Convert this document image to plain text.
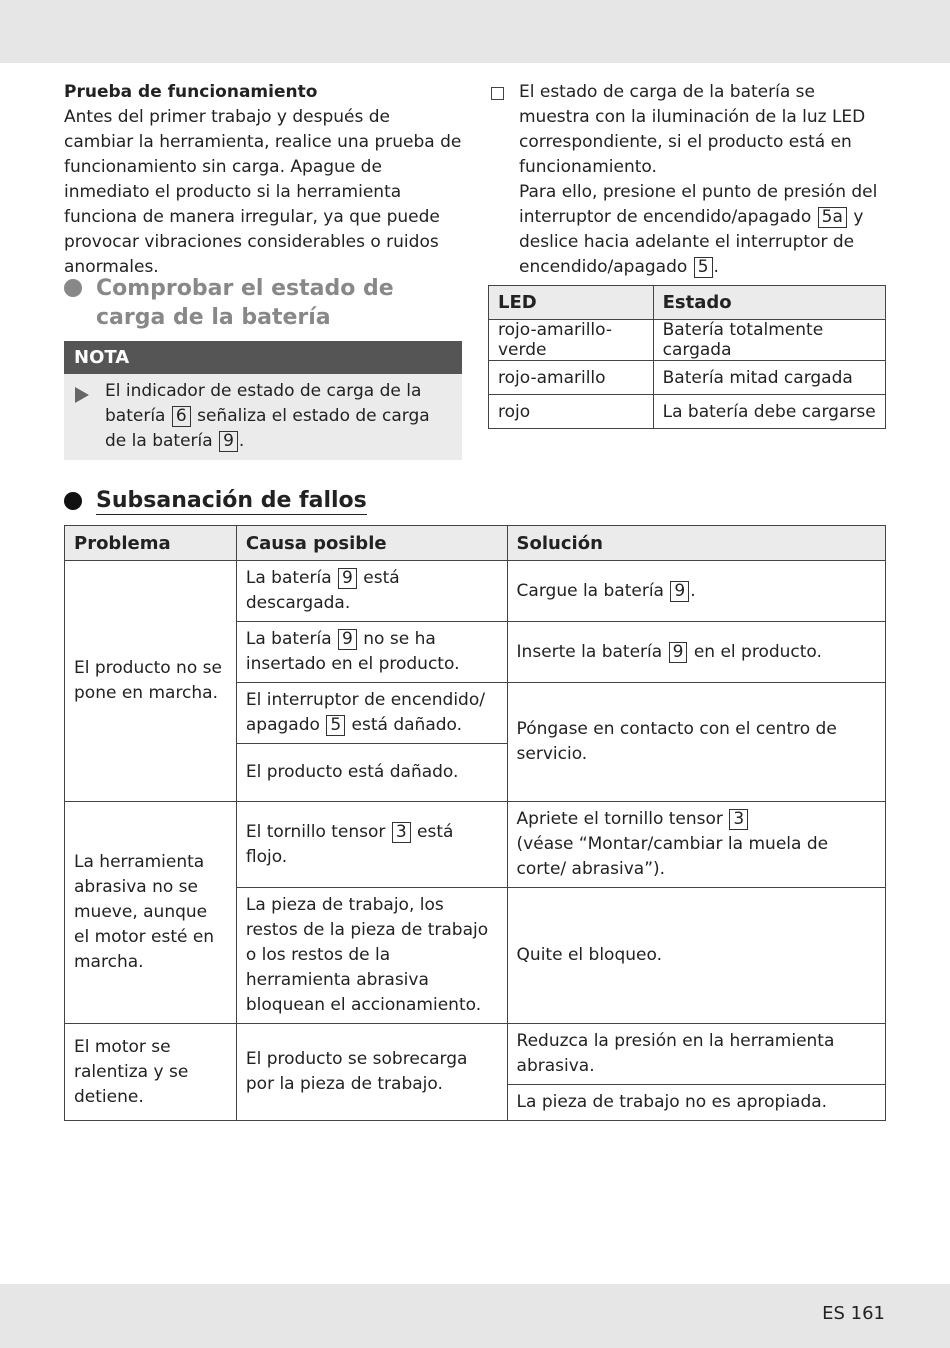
Prueba de funcionamiento

Antes del primer trabajo y después de cambiar la herramienta, realice una prueba de funcionamiento sin carga. Apague de inmediato el producto si la herramienta funciona de manera irregular, ya que puede provocar vibraciones considerables o ruidos anormales.

Comprobar el estado de carga de la batería
NOTA
El indicador de estado de carga de la batería 6 señaliza el estado de carga de la batería 9 .
El estado de carga de la batería se muestra con la iluminación de la luz LED correspondiente, si el producto está en funcionamiento.
Para ello, presione el punto de presión del interruptor de encendido/apagado 5a y deslice hacia adelante el interruptor de encendido/apagado 5 .
LED	Estado
rojo-amarillo-verde	Batería totalmente cargada
rojo-amarillo	Batería mitad cargada
rojo	La batería debe cargarse
Subsanación de fallos
Problema	Causa posible	Solución
El producto no se pone en marcha.	La batería 9 está descargada.	Cargue la batería 9 .
	La batería 9 no se ha insertado en el producto.	Inserte la batería 9 en el producto.
	El interruptor de encendido/ apagado 5 está dañado.	Póngase en contacto con el centro de servicio.
	El producto está dañado.	
La herramienta abrasiva no se mueve, aunque el motor esté en marcha.	El tornillo tensor 3 está flojo.	Apriete el tornillo tensor 3
(véase “Montar/cambiar la muela de corte/ abrasiva”).
	La pieza de trabajo, los restos de la pieza de trabajo o los restos de la herramienta abrasiva bloquean el accionamiento.	Quite el bloqueo.
El motor se ralentiza y se detiene.	El producto se sobrecarga por la pieza de trabajo.	Reduzca la presión en la herramienta abrasiva.
		La pieza de trabajo no es apropiada.
ES 161
